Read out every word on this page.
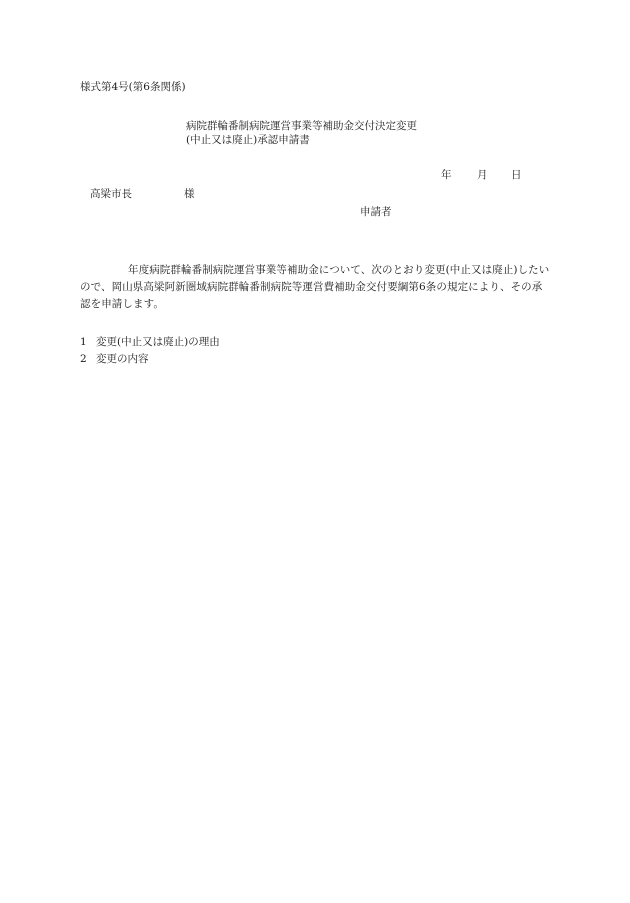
様式第4号(第6条関係)
病院群輪番制病院運営事業等補助金交付決定変更
(中止又は廃止)承認申請書
年 月 日
高梁市長	様
申請者
年度病院群輪番制病院運営事業等補助金について、次のとおり変更(中止又は廃止)したいので、岡山県高梁阿新圏域病院群輪番制病院等運営費補助金交付要綱第6条の規定により、その承認を申請します。
1 変更(中止又は廃止)の理由
2 変更の内容
